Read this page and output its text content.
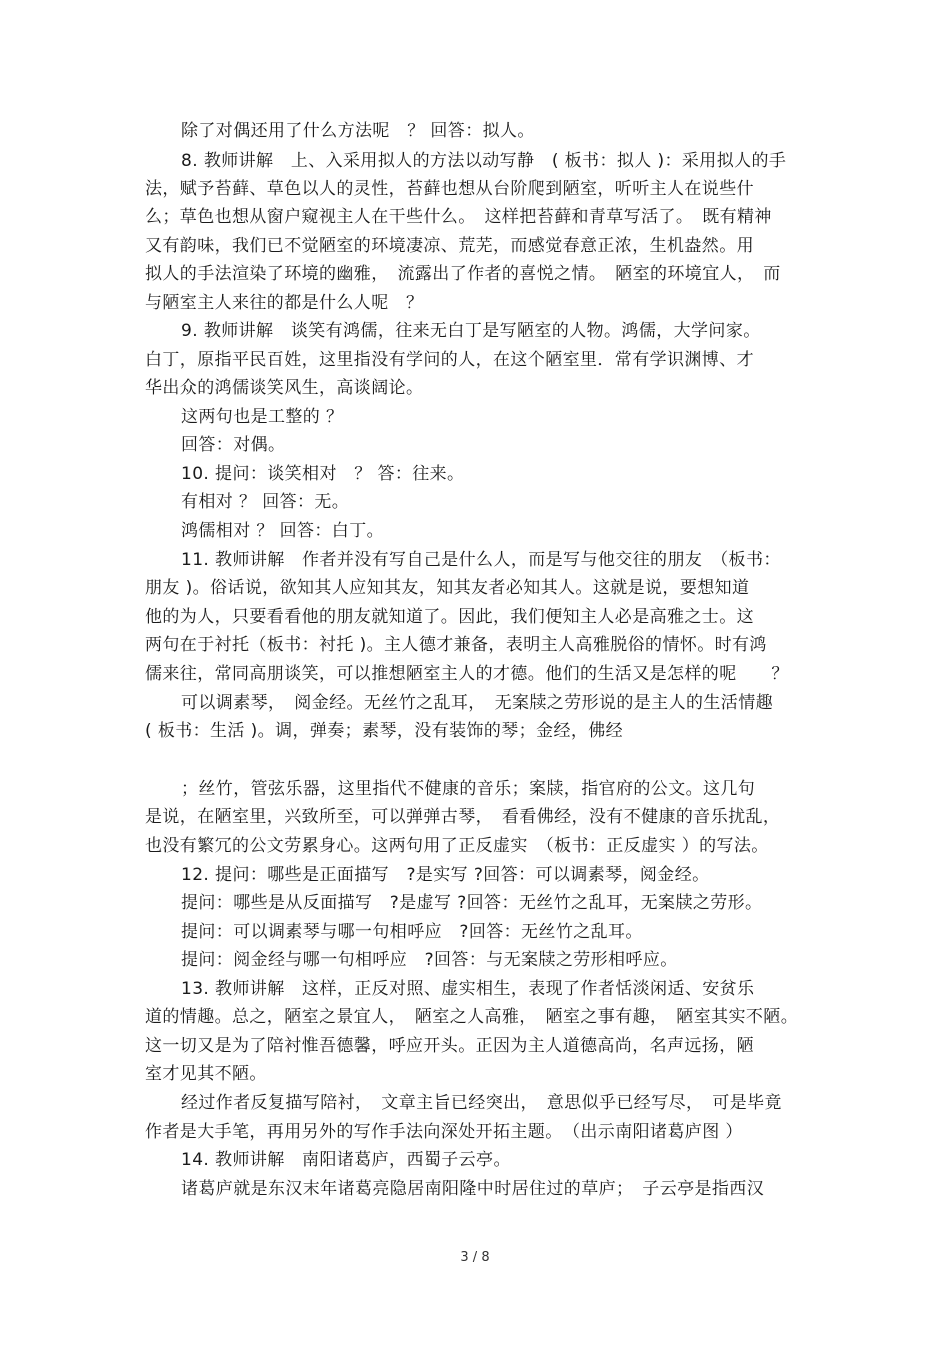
除了对偶还用了什么方法呢　？ 回答：拟人。
8. 教师讲解　上、入采用拟人的方法以动写静　( 板书：拟人 )：采用拟人的手
法，赋予苔藓、草色以人的灵性，苔藓也想从台阶爬到陋室，听听主人在说些什
么；草色也想从窗户窥视主人在干些什么。　这样把苔藓和青草写活了。　既有精神
又有韵味，我们已不觉陋室的环境凄凉、荒芜，而感觉春意正浓，生机盎然。用
拟人的手法渲染了环境的幽雅，　流露出了作者的喜悦之情。　陋室的环境宜人，　而
与陋室主人来往的都是什么人呢　？
9. 教师讲解　谈笑有鸿儒，往来无白丁是写陋室的人物。鸿儒，大学问家。
白丁，原指平民百姓，这里指没有学问的人，在这个陋室里．常有学识渊博、才
华出众的鸿儒谈笑风生，高谈阔论。
这两句也是工整的 ？
回答：对偶。
10. 提问：谈笑相对　？ 答：往来。
有相对 ？ 回答：无。
鸿儒相对 ？ 回答：白丁。
11. 教师讲解　作者并没有写自己是什么人，而是写与他交往的朋友　（板书：
朋友 )。俗话说，欲知其人应知其友，知其友者必知其人。这就是说，要想知道
他的为人，只要看看他的朋友就知道了。因此，我们便知主人必是高雅之士。这
两句在于衬托（板书：衬托 )。主人德才兼备，表明主人高雅脱俗的情怀。时有鸿
儒来往，常同高朋谈笑，可以推想陋室主人的才德。他们的生活又是怎样的呢　　？
可以调素琴，　阅金经。无丝竹之乱耳，　无案牍之劳形说的是主人的生活情趣
( 板书：生活 )。调，弹奏；素琴，没有装饰的琴；金经，佛经
；丝竹，管弦乐器，这里指代不健康的音乐；案牍，指官府的公文。这几句
是说，在陋室里，兴致所至，可以弹弹古琴，　看看佛经，没有不健康的音乐扰乱，
也没有繁冗的公文劳累身心。这两句用了正反虚实　（板书：正反虚实 ）的写法。
12. 提问：哪些是正面描写　?是实写 ?回答：可以调素琴，阅金经。
提问：哪些是从反面描写　?是虚写 ?回答：无丝竹之乱耳，无案牍之劳形。
提问：可以调素琴与哪一句相呼应　?回答：无丝竹之乱耳。
提问：阅金经与哪一句相呼应　?回答：与无案牍之劳形相呼应。
13. 教师讲解　这样，正反对照、虚实相生，表现了作者恬淡闲适、安贫乐
道的情趣。总之，陋室之景宜人，　陋室之人高雅，　陋室之事有趣，　陋室其实不陋。
这一切又是为了陪衬惟吾德馨，呼应开头。正因为主人道德高尚，名声远扬，陋
室才见其不陋。
经过作者反复描写陪衬，　文章主旨已经突出，　意思似乎已经写尽，　可是毕竟
作者是大手笔，再用另外的写作手法向深处开拓主题。　（出示南阳诸葛庐图 ）
14. 教师讲解　南阳诸葛庐，西蜀子云亭。
诸葛庐就是东汉末年诸葛亮隐居南阳隆中时居住过的草庐；　子云亭是指西汉
3 / 8
